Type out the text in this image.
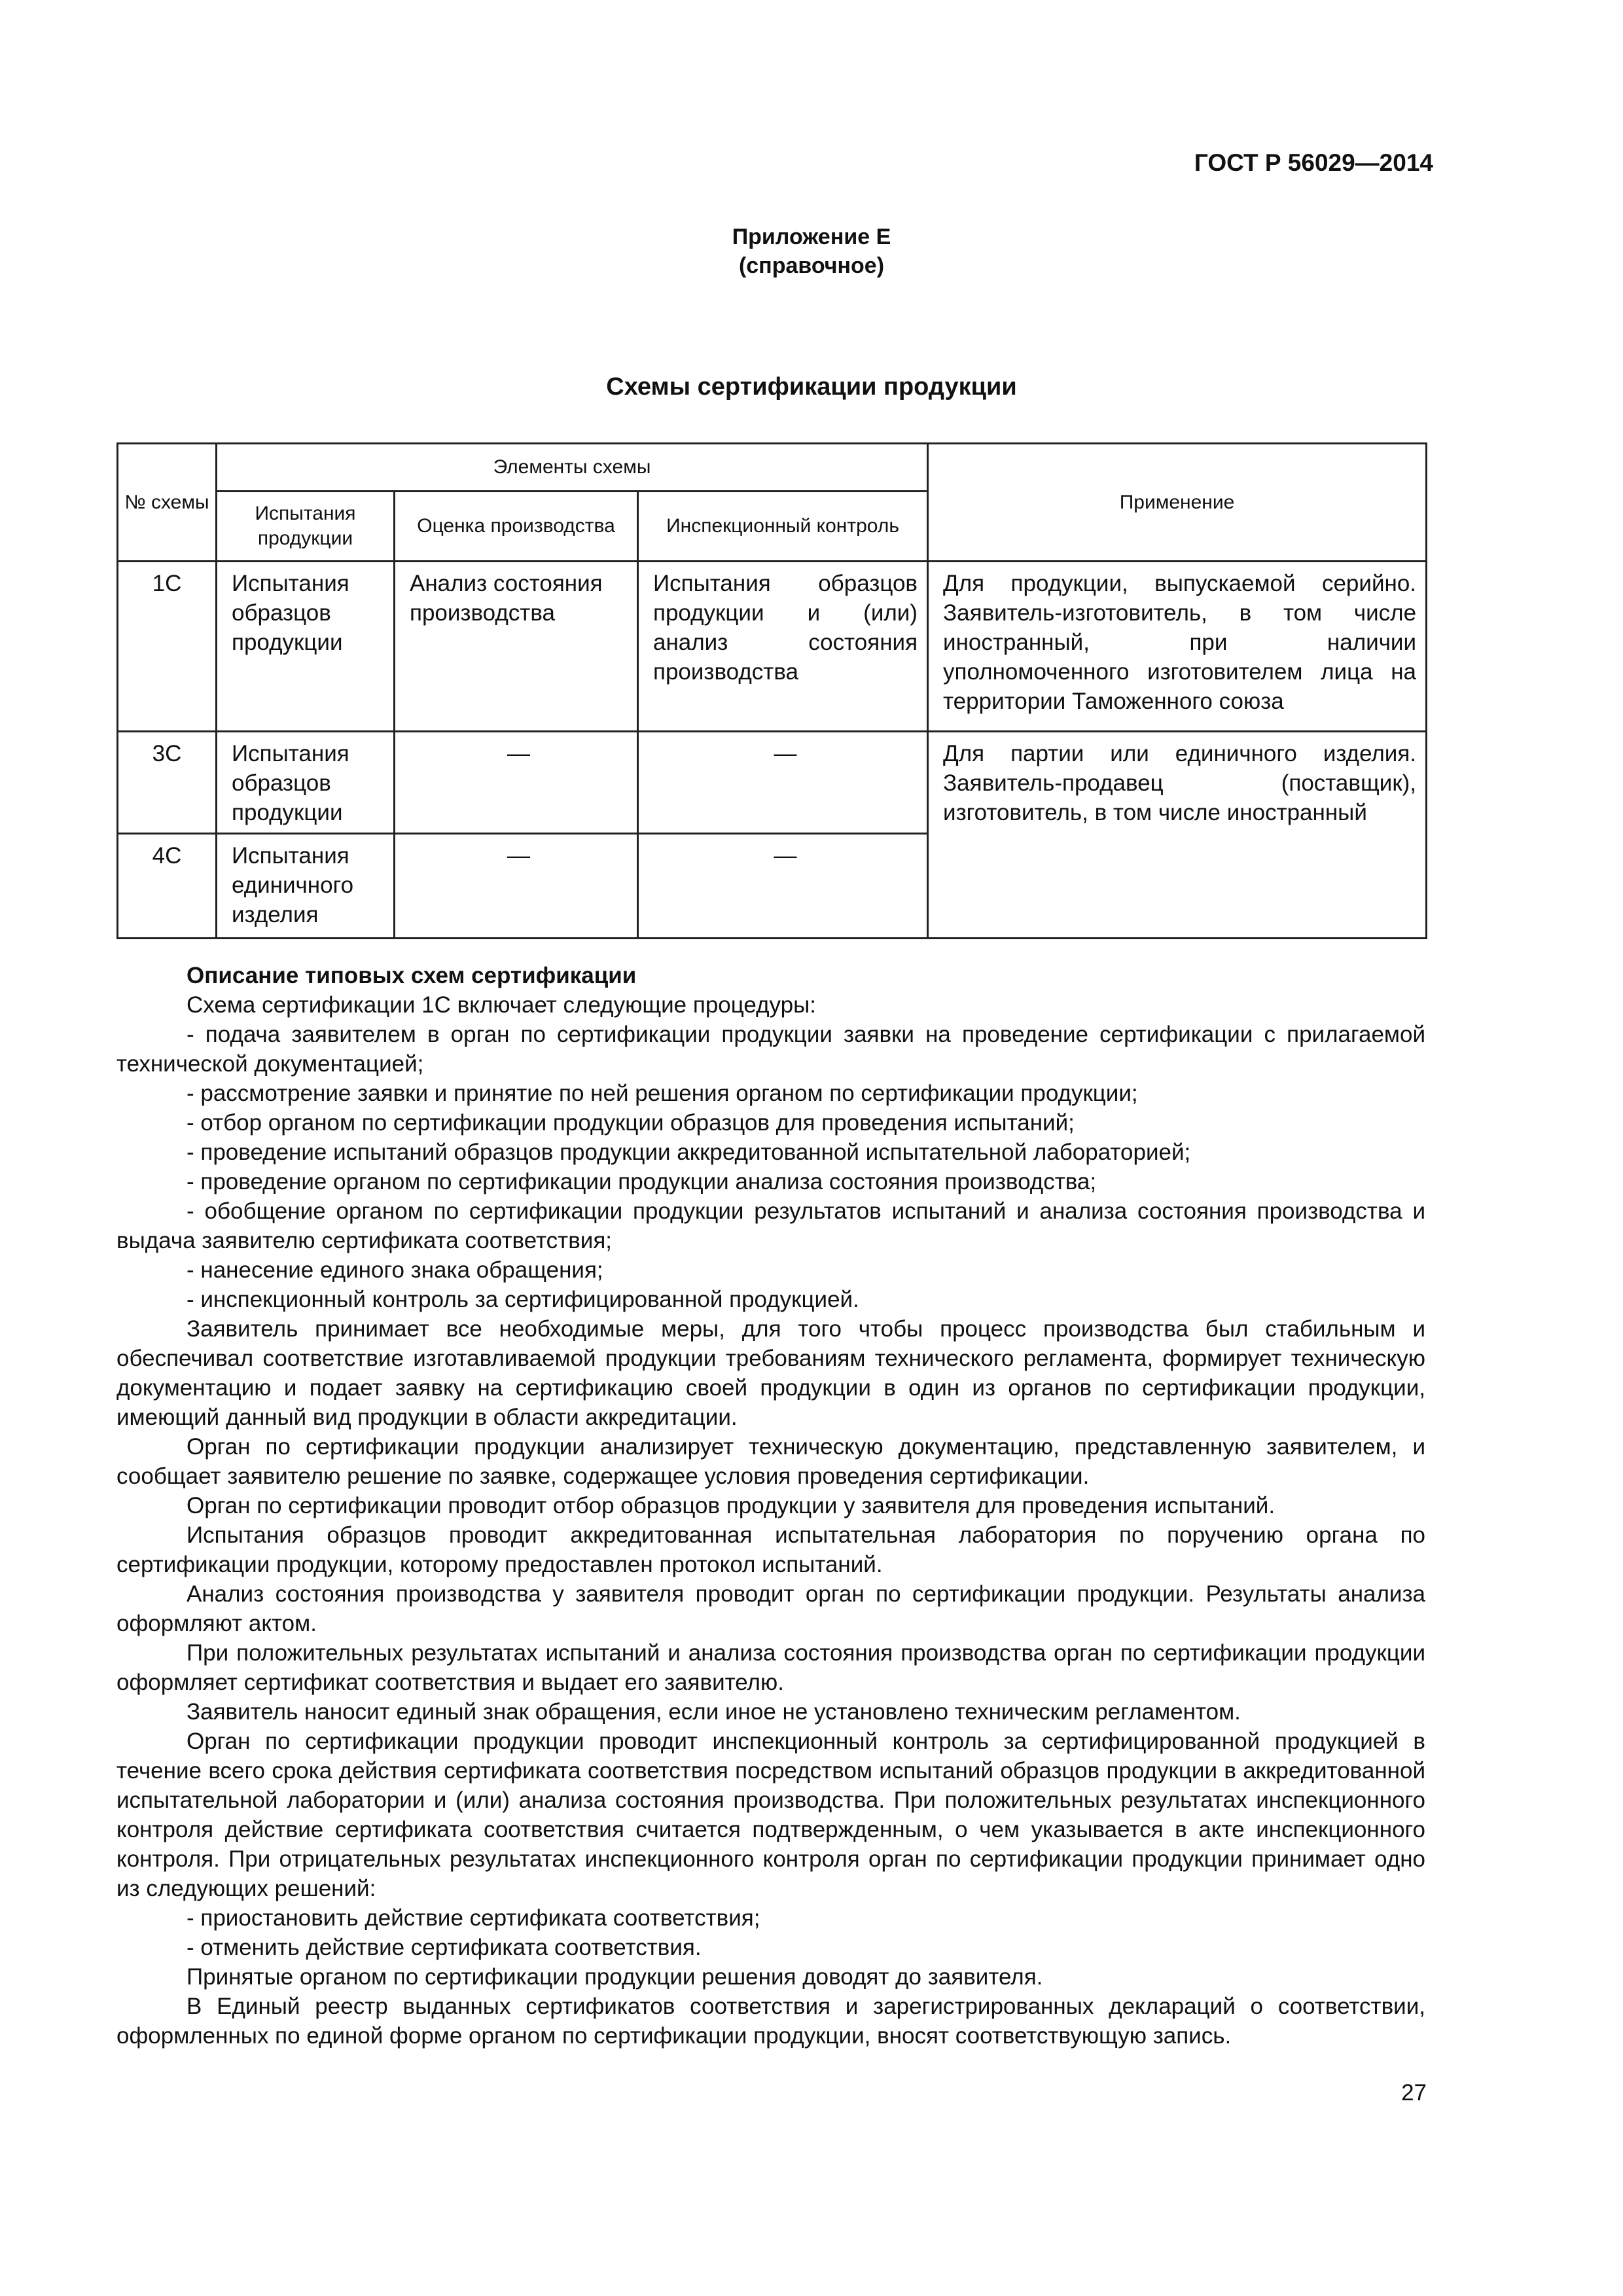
ГОСТ Р 56029—2014
Приложение Е
(справочное)
Схемы сертификации продукции
№ схемы	Элементы схемы			Применение
	Испытания продукции	Оценка производства	Инспекционный контроль	
1С	Испытания образцов продукции	Анализ состояния производства	Испытания образцов продукции и (или) анализ состояния производства	Для продукции, выпускаемой серийно. Заявитель-изготовитель, в том числе иностранный, при наличии уполномоченного изготовителем лица на территории Таможенного союза
3С	Испытания образцов продукции	—	—	Для партии или единичного изделия. Заявитель-продавец (поставщик), изготовитель, в том числе иностранный
4С	Испытания единичного изделия	—	—	

Описание типовых схем сертификации

Схема сертификации 1С включает следующие процедуры:

- подача заявителем в орган по сертификации продукции заявки на проведение сертификации с прилагаемой технической документацией;

- рассмотрение заявки и принятие по ней решения органом по сертификации продукции;

- отбор органом по сертификации продукции образцов для проведения испытаний;

- проведение испытаний образцов продукции аккредитованной испытательной лабораторией;

- проведение органом по сертификации продукции анализа состояния производства;

- обобщение органом по сертификации продукции результатов испытаний и анализа состояния производства и выдача заявителю сертификата соответствия;

- нанесение единого знака обращения;

- инспекционный контроль за сертифицированной продукцией.

Заявитель принимает все необходимые меры, для того чтобы процесс производства был стабильным и обеспечивал соответствие изготавливаемой продукции требованиям технического регламента, формирует техническую документацию и подает заявку на сертификацию своей продукции в один из органов по сертификации продукции, имеющий данный вид продукции в области аккредитации.

Орган по сертификации продукции анализирует техническую документацию, представленную заявителем, и сообщает заявителю решение по заявке, содержащее условия проведения сертификации.

Орган по сертификации проводит отбор образцов продукции у заявителя для проведения испытаний.

Испытания образцов проводит аккредитованная испытательная лаборатория по поручению органа по сертификации продукции, которому предоставлен протокол испытаний.

Анализ состояния производства у заявителя проводит орган по сертификации продукции. Результаты анализа оформляют актом.

При положительных результатах испытаний и анализа состояния производства орган по сертификации продукции оформляет сертификат соответствия и выдает его заявителю.

Заявитель наносит единый знак обращения, если иное не установлено техническим регламентом.

Орган по сертификации продукции проводит инспекционный контроль за сертифицированной продукцией в течение всего срока действия сертификата соответствия посредством испытаний образцов продукции в аккредитованной испытательной лаборатории и (или) анализа состояния производства. При положительных результатах инспекционного контроля действие сертификата соответствия считается подтвержденным, о чем указывается в акте инспекционного контроля. При отрицательных результатах инспекционного контроля орган по сертификации продукции принимает одно из следующих решений:

- приостановить действие сертификата соответствия;

- отменить действие сертификата соответствия.

Принятые органом по сертификации продукции решения доводят до заявителя.

В Единый реестр выданных сертификатов соответствия и зарегистрированных деклараций о соответствии, оформленных по единой форме органом по сертификации продукции, вносят соответствующую запись.

27
